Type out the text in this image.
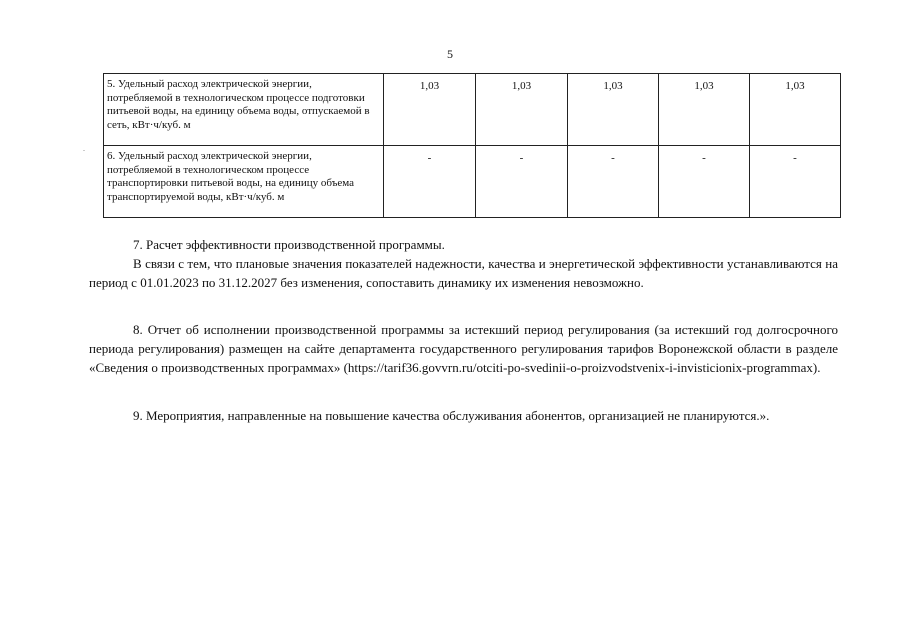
5
5. Удельный расход электрической энергии, потребляемой в технологическом процессе подготовки питьевой воды, на единицу объема воды, отпускаемой в сеть, кВт·ч/куб. м	1,03	1,03	1,03	1,03	1,03
6. Удельный расход электрической энергии, потребляемой в технологическом процессе транспортировки питьевой воды, на единицу объема транспортируемой воды, кВт·ч/куб. м	-	-	-	-	-

7. Расчет эффективности производственной программы.

В связи с тем, что плановые значения показателей надежности, качества и энергетической эффективности устанавливаются на период с 01.01.2023 по 31.12.2027 без изменения, сопоставить динамику их изменения невозможно.

8. Отчет об исполнении производственной программы за истекший период регулирования (за истекший год долгосрочного периода регулирования) размещен на сайте департамента государственного регулирования тарифов Воронежской области в разделе «Сведения о производственных программах» (https://tarif36.govvrn.ru/otciti-po-svedinii-o-proizvodstvenix-i-invisticionix-programmax).

9. Мероприятия, направленные на повышение качества обслуживания абонентов, организацией не планируются.».
